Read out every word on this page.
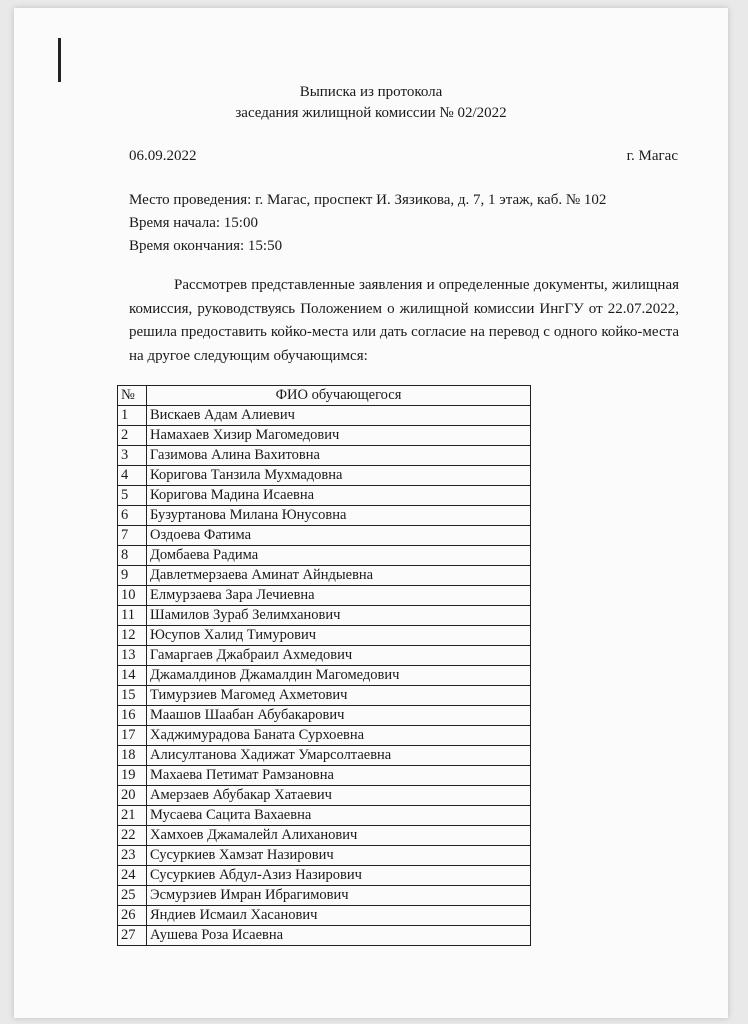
Выписка из протокола
заседания жилищной комиссии № 02/2022
06.09.2022	г. Магас
Место проведения: г. Магас, проспект И. Зязикова, д. 7, 1 этаж, каб. № 102
Время начала: 15:00
Время окончания: 15:50
Рассмотрев представленные заявления и определенные документы, жилищная комиссия, руководствуясь Положением о жилищной комиссии ИнгГУ от 22.07.2022, решила предоставить койко-места или дать согласие на перевод с одного койко-места на другое следующим обучающимся:
№	ФИО обучающегося
1	Вискаев Адам Алиевич
2	Намахаев Хизир Магомедович
3	Газимова Алина Вахитовна
4	Коригова Танзила Мухмадовна
5	Коригова Мадина Исаевна
6	Бузуртанова Милана Юнусовна
7	Оздоева Фатима
8	Домбаева Радима
9	Давлетмерзаева Аминат Айндыевна
10	Елмурзаева Зара Лечиевна
11	Шамилов Зураб Зелимханович
12	Юсупов Халид Тимурович
13	Гамаргаев Джабраил Ахмедович
14	Джамалдинов Джамалдин Магомедович
15	Тимурзиев Магомед Ахметович
16	Маашов Шаабан Абубакарович
17	Хаджимурадова Баната Сурхоевна
18	Алисултанова Хадижат Умарсолтаевна
19	Махаева Петимат Рамзановна
20	Амерзаев Абубакар Хатаевич
21	Мусаева Сацита Вахаевна
22	Хамхоев Джамалейл Алиханович
23	Сусуркиев Хамзат Назирович
24	Сусуркиев Абдул-Азиз Назирович
25	Эсмурзиев Имран Ибрагимович
26	Яндиев Исмаил Хасанович
27	Аушева Роза Исаевна
